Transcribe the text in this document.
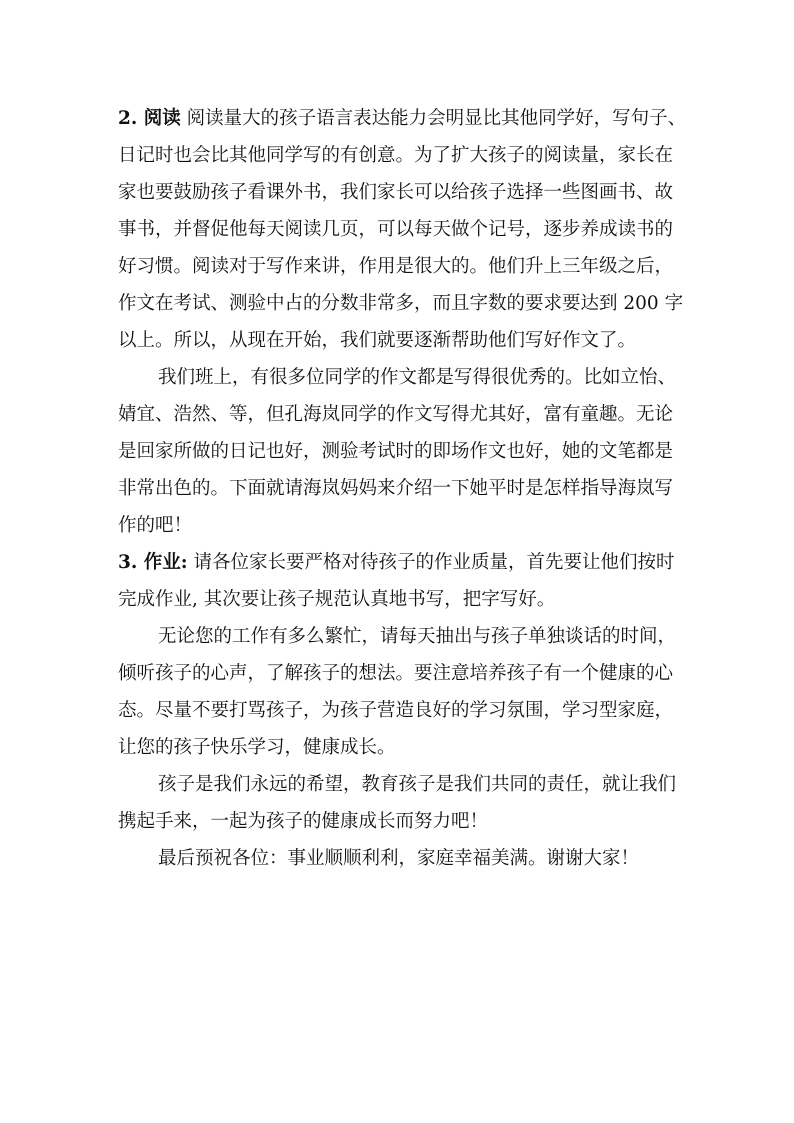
2. 阅读 阅读量大的孩子语言表达能力会明显比其他同学好，写句子、

日记时也会比其他同学写的有创意。为了扩大孩子的阅读量，家长在

家也要鼓励孩子看课外书，我们家长可以给孩子选择一些图画书、故

事书，并督促他每天阅读几页，可以每天做个记号，逐步养成读书的

好习惯。阅读对于写作来讲，作用是很大的。他们升上三年级之后，

作文在考试、测验中占的分数非常多，而且字数的要求要达到 200 字

以上。所以，从现在开始，我们就要逐渐帮助他们写好作文了。

我们班上，有很多位同学的作文都是写得很优秀的。比如立怡、

婧宜、浩然、等，但孔海岚同学的作文写得尤其好，富有童趣。无论

是回家所做的日记也好，测验考试时的即场作文也好，她的文笔都是

非常出色的。下面就请海岚妈妈来介绍一下她平时是怎样指导海岚写

作的吧！

3. 作业: 请各位家长要严格对待孩子的作业质量，首先要让他们按时

完成作业, 其次要让孩子规范认真地书写，把字写好。

无论您的工作有多么繁忙，请每天抽出与孩子单独谈话的时间，

倾听孩子的心声，了解孩子的想法。要注意培养孩子有一个健康的心

态。尽量不要打骂孩子，为孩子营造良好的学习氛围，学习型家庭，

让您的孩子快乐学习，健康成长。

孩子是我们永远的希望，教育孩子是我们共同的责任，就让我们

携起手来，一起为孩子的健康成长而努力吧！

最后预祝各位：事业顺顺利利，家庭幸福美满。谢谢大家！
